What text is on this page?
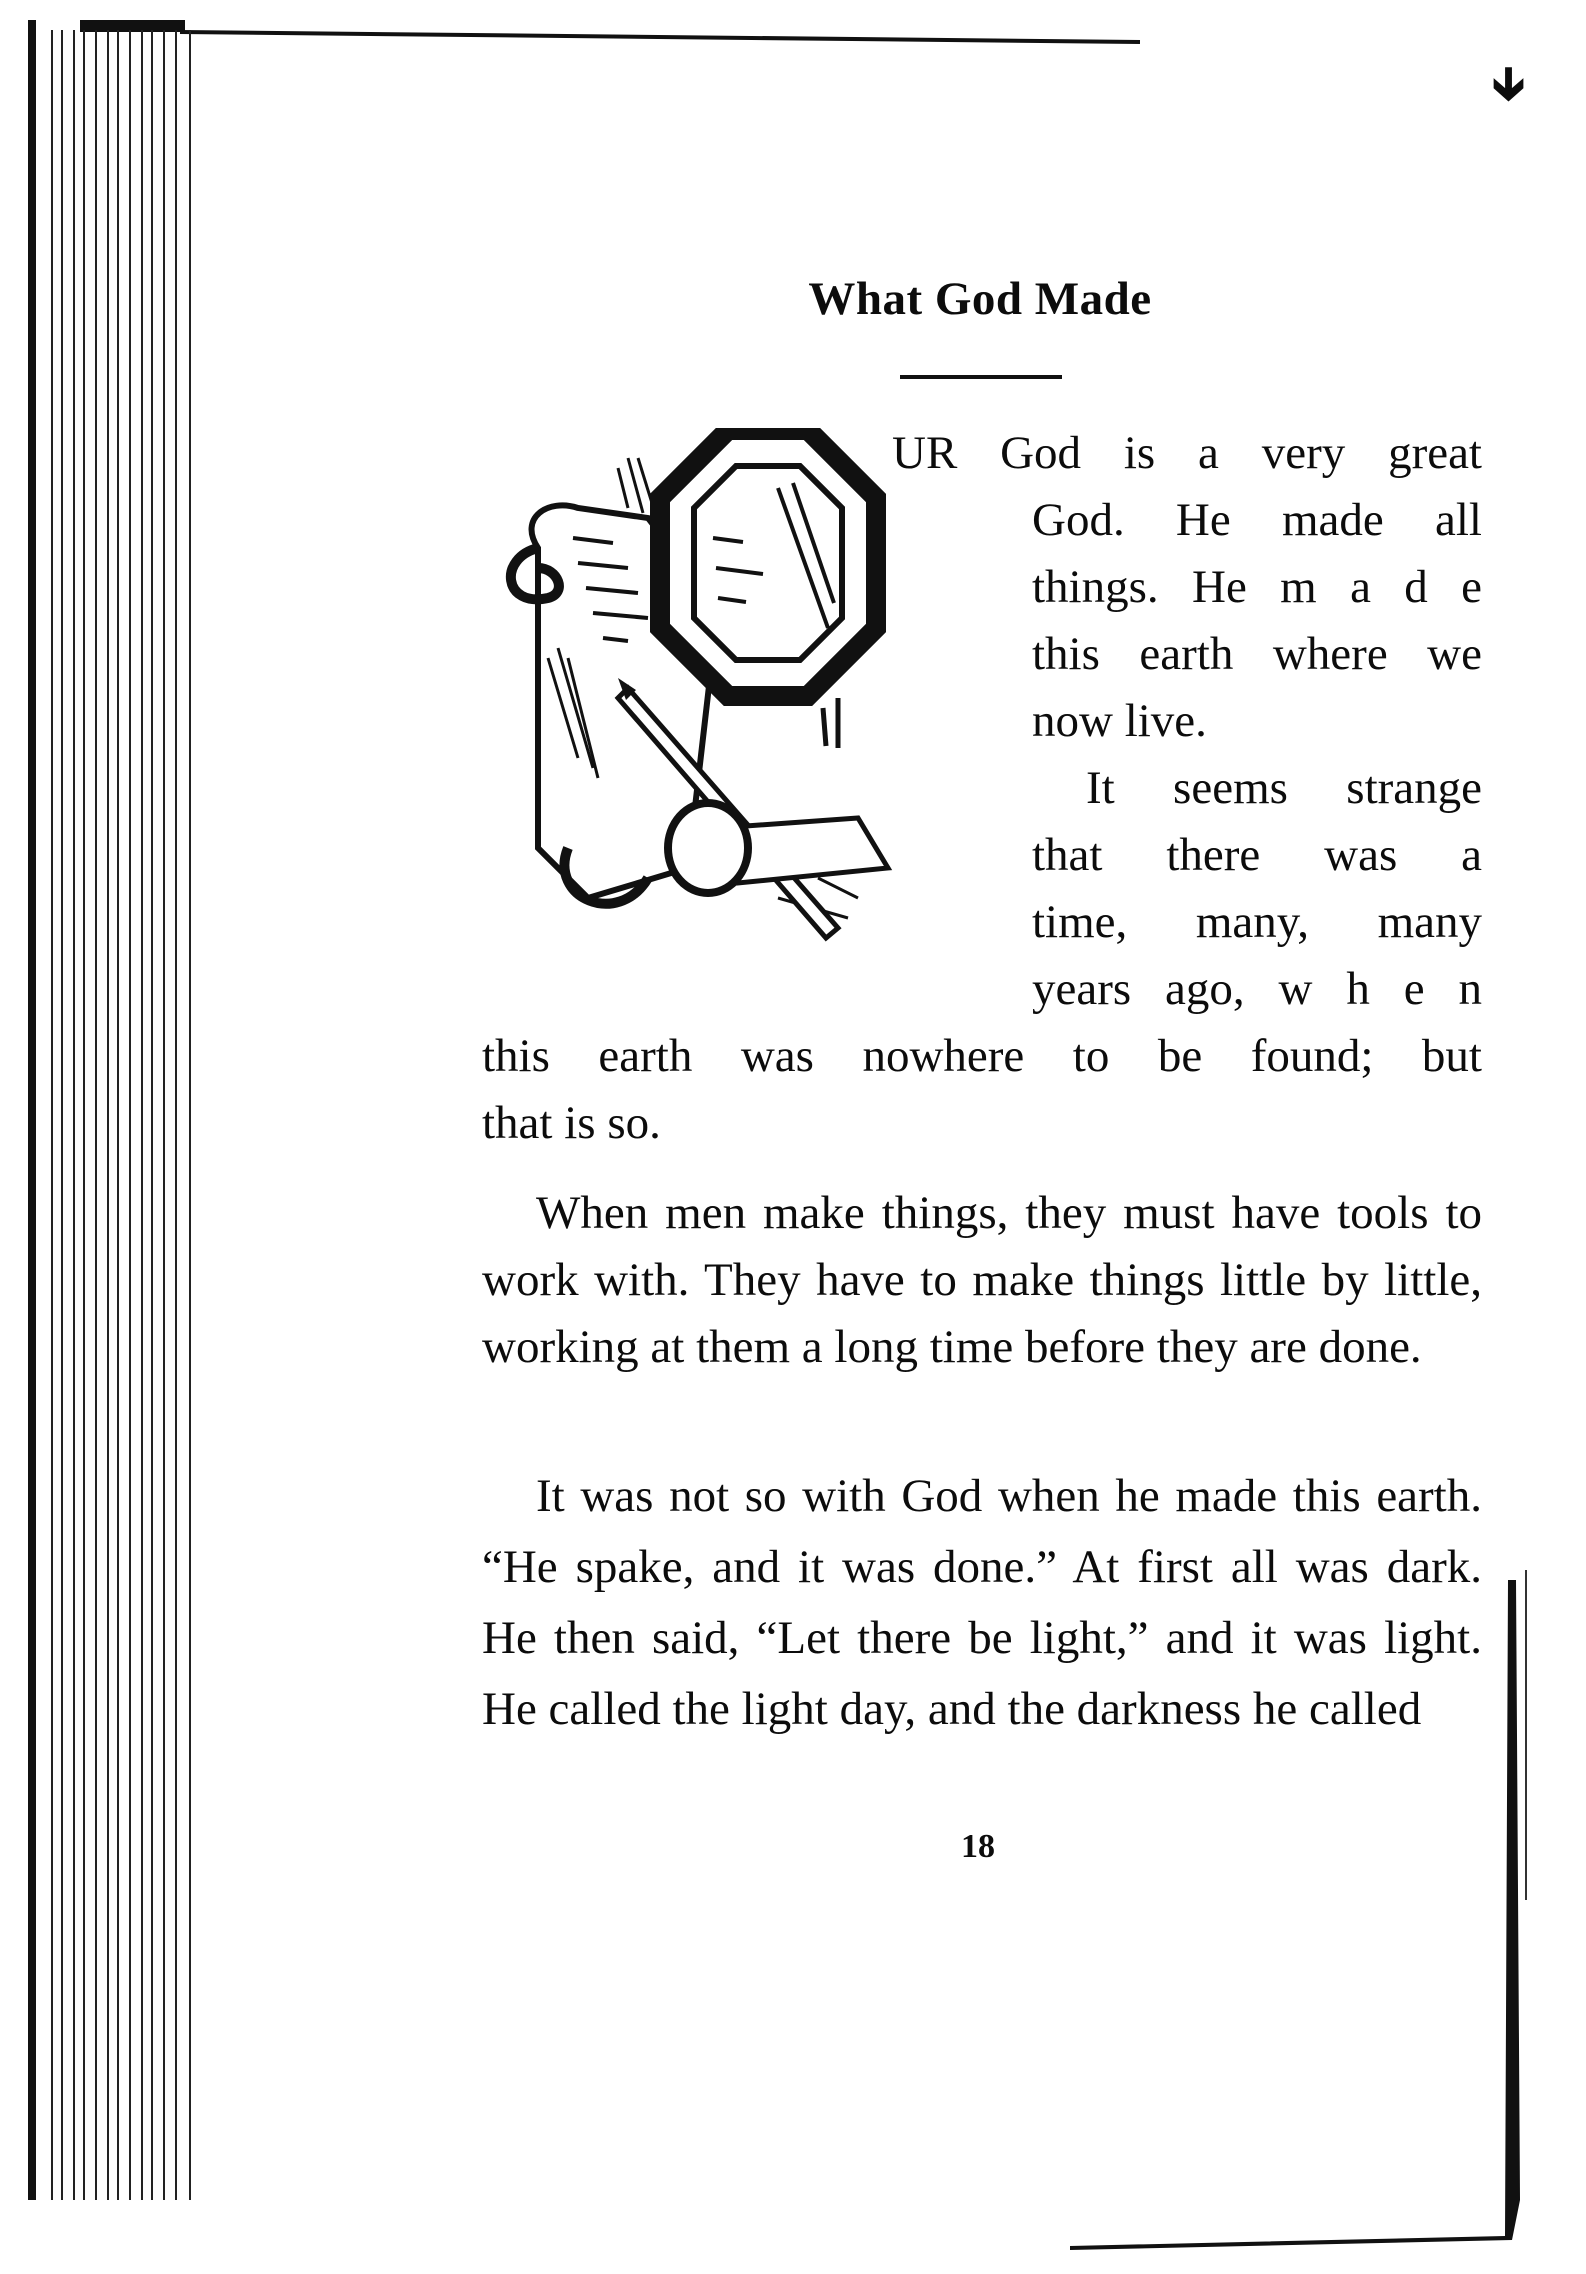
🡳
What God Made
UR God is a very great
God. He made all
things. He m a d e
this earth where we
now live.
It seems strange
that there was a
time, many, many
years ago, w h e n
this earth was nowhere to be found; but
that is so.

When men make things, they must have tools to work with. They have to make things little by little, working at them a long time before they are done.

It was not so with God when he made this earth. “He spake, and it was done.” At first all was dark. He then said, “Let there be light,” and it was light. He called the light day, and the darkness he called

18
